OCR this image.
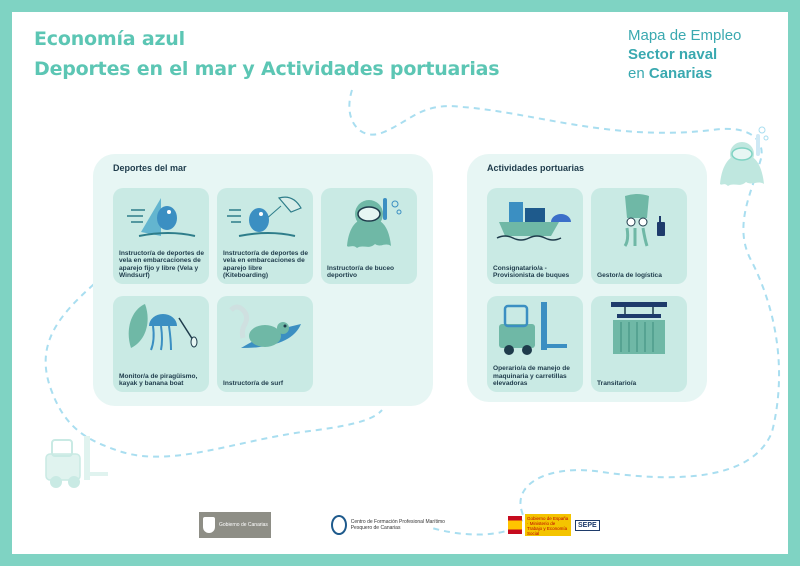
Economía azul
Deportes en el mar y Actividades portuarias
Mapa de Empleo
Sector naval
en Canarias
Deportes del mar
Instructor/a de deportes de vela en embarcaciones de aparejo fijo y libre (Vela y Windsurf)
Instructor/a de deportes de vela en embarcaciones de aparejo libre (Kiteboarding)
Instructor/a de buceo deportivo
Monitor/a de piragüismo, kayak y banana boat	Instructor/a de surf
Actividades portuarias
Consignatario/a - Provisionista de buques	Gestor/a de logística
Operario/a de manejo de maquinaria y carretillas elevadoras	Transitario/a
Gobierno de Canarias	Centro de Formación Profesional Marítimo Pesquero de Canarias
Gobierno de España · Ministerio de Trabajo y Economía Social
SEPE
